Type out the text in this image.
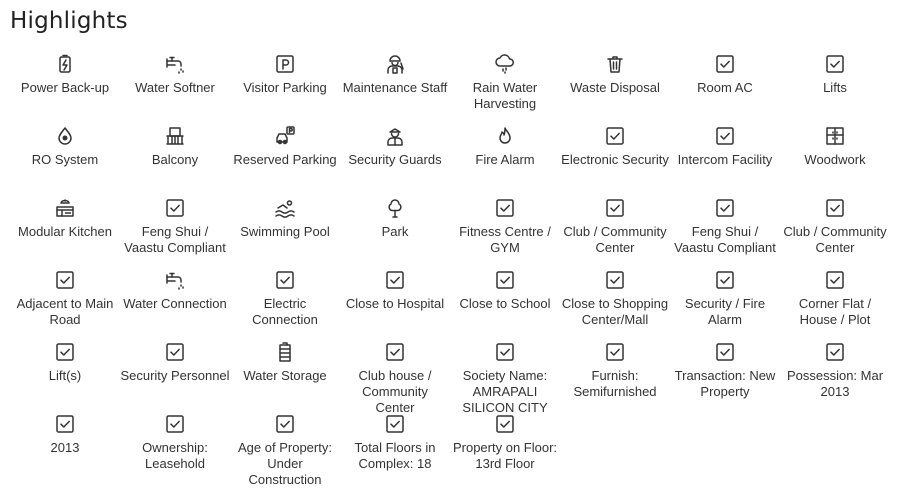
Highlights
Power Back-up Water Softner Visitor Parking Maintenance Staff	Rain Water Harvesting
Waste Disposal	Room AC	Lifts
RO System	Balcony	Reserved Parking Security Guards	Fire Alarm Electronic Security Intercom Facility Woodwork
Modular Kitchen	Feng Shui / Vaastu Compliant
Swimming Pool	Park	Fitness Centre / GYM
Club / Community Center
Feng Shui / Vaastu Compliant
Club / Community Center
Adjacent to Main Road
Water Connection	Electric Connection
Close to Hospital Close to School Close to Shopping Center/Mall
Security / Fire Alarm
Corner Flat / House / Plot
Lift(s)	Security Personnel Water Storage	Club house / Community Center
Society Name: AMRAPALI SILICON CITY
Furnish: Semifurnished
Transaction: New Property
Possession: Mar 2013
2013	Ownership: Leasehold
Age of Property: Under Construction
Total Floors in Complex: 18
Property on Floor: 13rd Floor
